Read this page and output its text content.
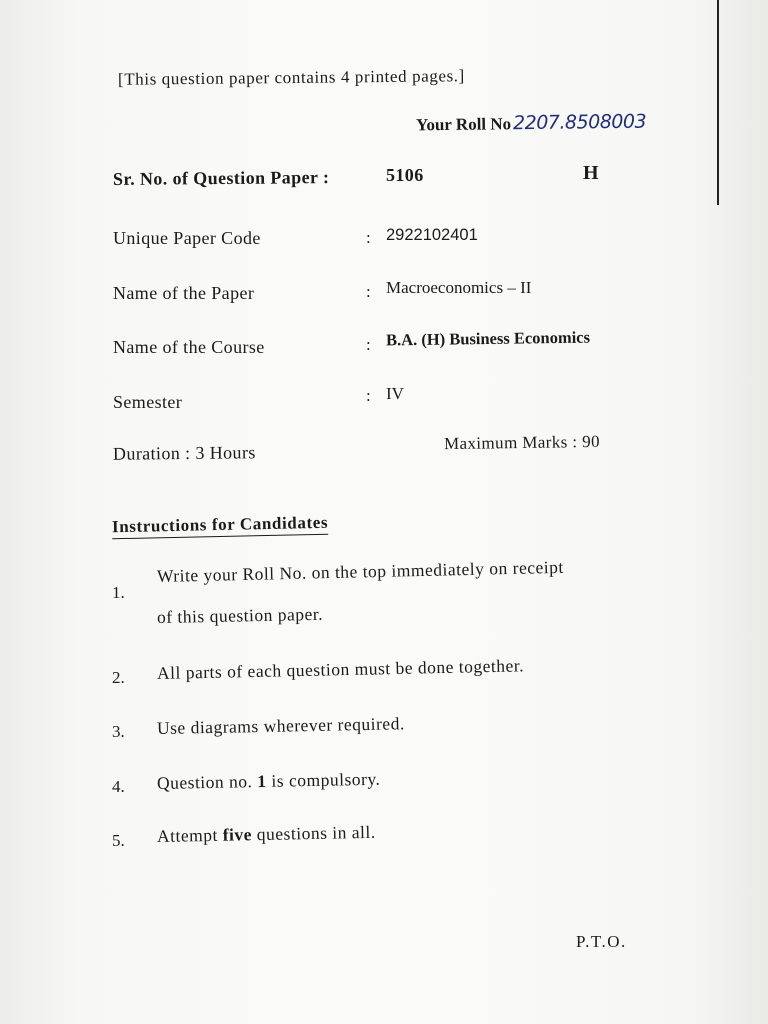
[This question paper contains 4 printed pages.]
Your Roll No2207.8508003
Sr. No. of Question Paper :	5106	H
Unique Paper Code	: 2922102401
Name of the Paper	: Macroeconomics – II
Name of the Course	: B.A. (H) Business Economics
Semester	: IV
Duration : 3 Hours	Maximum Marks : 90
Instructions for Candidates
1.
Write your Roll No. on the top immediately on receipt
of this question paper.
2. All parts of each question must be done together.
3. Use diagrams wherever required.
4. Question no. 1 is compulsory.
5. Attempt five questions in all.
P.T.O.
